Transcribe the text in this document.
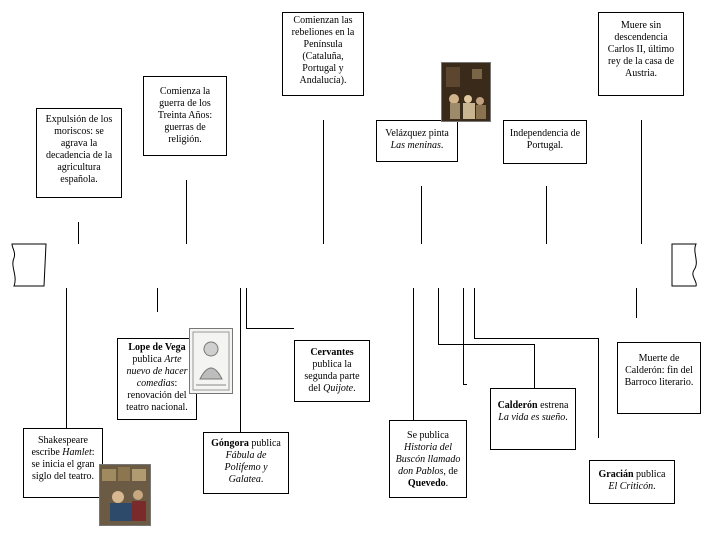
Expulsión de los moriscos: se agrava la decadencia de la agricultura española.
Comienza la guerra de los Treinta Años: guerras de religión.
Comienzan las rebeliones en la Península (Cataluña, Portugal y Andalucía).
Velázquez pinta
Las meninas.
Independencia de Portugal.
Muere sin descendencia Carlos II, último rey de la casa de Austria.
Shakespeare escribe Hamlet: se inicia el gran siglo del teatro.
Lope de Vega publica Arte nuevo de hacer comedias: renovación del teatro nacional.
Góngora publica Fábula de Polifemo y Galatea.
Cervantes
publica la segunda parte del Quijote.
Se publica Historia del Buscón llamado don Pablos, de Quevedo.
Calderón estrena La vida es sueño.
Gracián publica El Criticón.
Muerte de Calderón: fin del Barroco literario.
